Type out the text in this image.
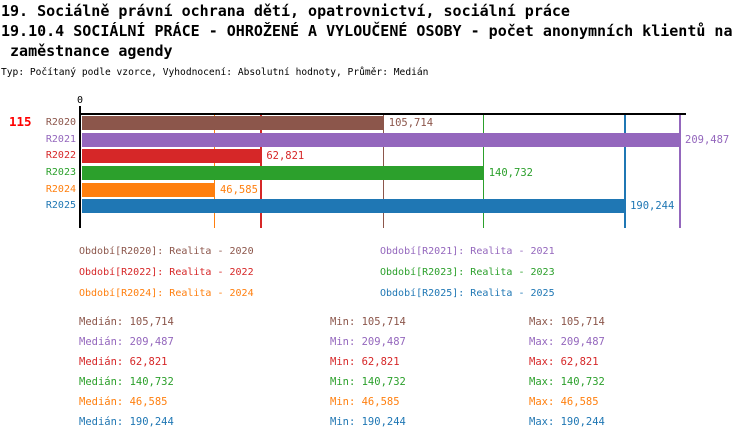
19. Sociálně právní ochrana dětí, opatrovnictví, sociální práce
19.10.4 SOCIÁLNÍ PRÁCE - OHROŽENÉ A VYLOUČENÉ OSOBY - počet anonymních klientů na
zaměstnance agendy
Typ: Počítaný podle vzorce, Vyhodnocení: Absolutní hodnoty, Průměr: Medián
115
0
R2020	105,714
R2021	209,487
R2022	62,821
R2023	140,732
R2024	46,585
R2025	190,244
Období[R2020]: Realita - 2020	Období[R2021]: Realita - 2021
Období[R2022]: Realita - 2022	Období[R2023]: Realita - 2023
Období[R2024]: Realita - 2024	Období[R2025]: Realita - 2025
Medián: 105,714	Min: 105,714	Max: 105,714
Medián: 209,487	Min: 209,487	Max: 209,487
Medián: 62,821	Min: 62,821	Max: 62,821
Medián: 140,732	Min: 140,732	Max: 140,732
Medián: 46,585	Min: 46,585	Max: 46,585
Medián: 190,244	Min: 190,244	Max: 190,244
